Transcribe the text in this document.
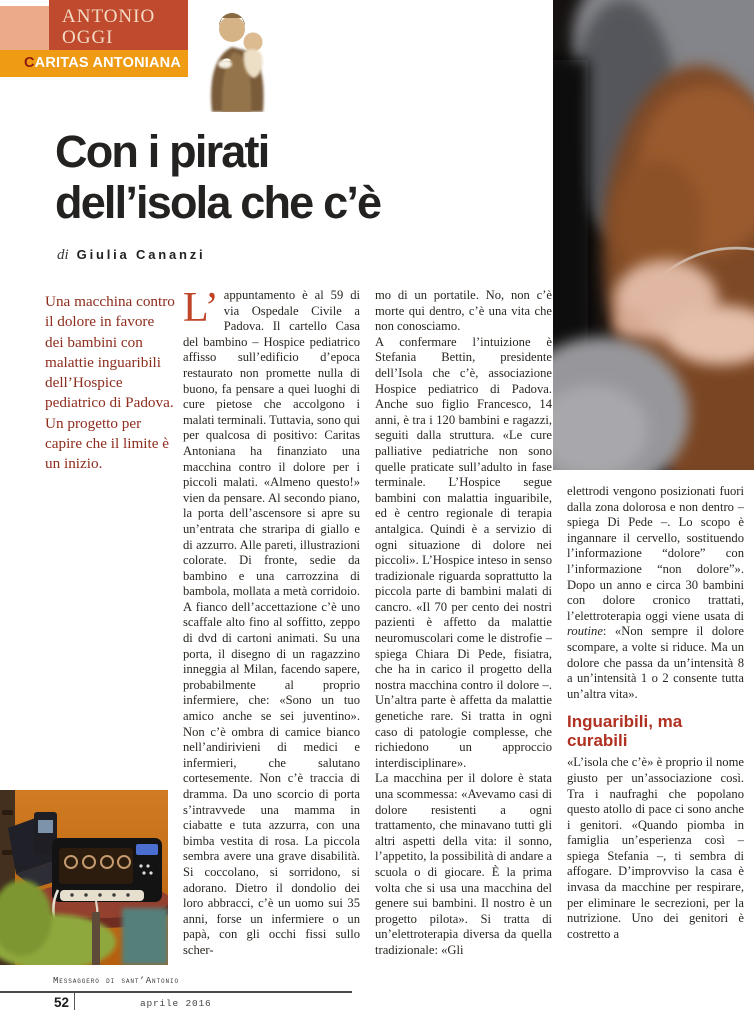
ANTONIO
OGGI
CARITAS ANTONIANA
Con i pirati
dell’isola che c’è
di Giulia Cananzi
Una macchina contro il dolore in favore dei bambini con malattie inguaribili dell’Hospice pediatrico di Padova. Un progetto per capire che il limite è un inizio.

L’ appuntamento è al 59 di via Ospedale Civile a Padova. Il cartello Casa del bambino – Hospice pediatrico affisso sull’edificio d’epoca restaurato non promette nulla di buono, fa pensare a quei luoghi di cure pietose che accolgono i malati terminali. Tuttavia, sono qui per qualcosa di positivo: Caritas Antoniana ha finanziato una macchina contro il dolore per i piccoli malati. «Almeno questo!» vien da pensare. Al secondo piano, la porta dell’ascensore si apre su un’entrata che straripa di giallo e di azzurro. Alle pareti, illustrazioni colorate. Di fronte, sedie da bambino e una carrozzina di bambola, mollata a metà corridoio. A fianco dell’accettazione c’è uno scaffale alto fino al soffitto, zeppo di dvd di cartoni animati. Su una porta, il disegno di un ragazzino inneggia al Milan, facendo sapere, probabilmente al proprio infermiere, che: «Sono un tuo amico anche se sei juventino». Non c’è ombra di camice bianco nell’andirivieni di medici e infermieri, che salutano cortesemente. Non c’è traccia di dramma. Da uno scorcio di porta s’intravvede una mamma in ciabatte e tuta azzurra, con una bimba vestita di rosa. La piccola sembra avere una grave disabilità. Si coccolano, si sorridono, si adorano. Dietro il dondolio dei loro abbracci, c’è un uomo sui 35 anni, forse un infermiere o un papà, con gli occhi fissi sullo scher-

mo di un portatile. No, non c’è morte qui dentro, c’è una vita che non conosciamo.

A confermare l’intuizione è Stefania Bettin, presidente dell’Isola che c’è, associazione Hospice pediatrico di Padova. Anche suo figlio Francesco, 14 anni, è tra i 120 bambini e ragazzi, seguiti dalla struttura. «Le cure palliative pediatriche non sono quelle praticate sull’adulto in fase terminale. L’Hospice segue bambini con malattia inguaribile, ed è centro regionale di terapia antalgica. Quindi è a servizio di ogni situazione di dolore nei piccoli». L’Hospice inteso in senso tradizionale riguarda soprattutto la piccola parte di bambini malati di cancro. «Il 70 per cento dei nostri pazienti è affetto da malattie neuromuscolari come le distrofie – spiega Chiara Di Pede, fisiatra, che ha in carico il progetto della nostra macchina contro il dolore –. Un’altra parte è affetta da malattie genetiche rare. Si tratta in ogni caso di patologie complesse, che richiedono un approccio interdisciplinare».

La macchina per il dolore è stata una scommessa: «Avevamo casi di dolore resistenti a ogni trattamento, che minavano tutti gli altri aspetti della vita: il sonno, l’appetito, la possibilità di andare a scuola o di giocare. È la prima volta che si usa una macchina del genere sui bambini. Il nostro è un progetto pilota». Si tratta di un’elettroterapia diversa da quella tradizionale: «Gli

elettrodi vengono posizionati fuori dalla zona dolorosa e non dentro – spiega Di Pede –. Lo scopo è ingannare il cervello, sostituendo l’informazione “dolore” con l’informazione “non dolore”». Dopo un anno e circa 30 bambini con dolore cronico trattati, l’elettroterapia oggi viene usata di routine: «Non sempre il dolore scompare, a volte si riduce. Ma un dolore che passa da un’intensità 8 a un’intensità 1 o 2 consente tutta un’altra vita».

Inguaribili, ma curabili

«L’isola che c’è» è proprio il nome giusto per un’associazione così. Tra i naufraghi che popolano questo atollo di pace ci sono anche i genitori. «Quando piomba in famiglia un’esperienza così – spiega Stefania –, ti sembra di affogare. D’improvviso la casa è invasa da macchine per respirare, per eliminare le secrezioni, per la nutrizione. Uno dei genitori è costretto a

Messaggero di sant’Antonio
52	aprile 2016
